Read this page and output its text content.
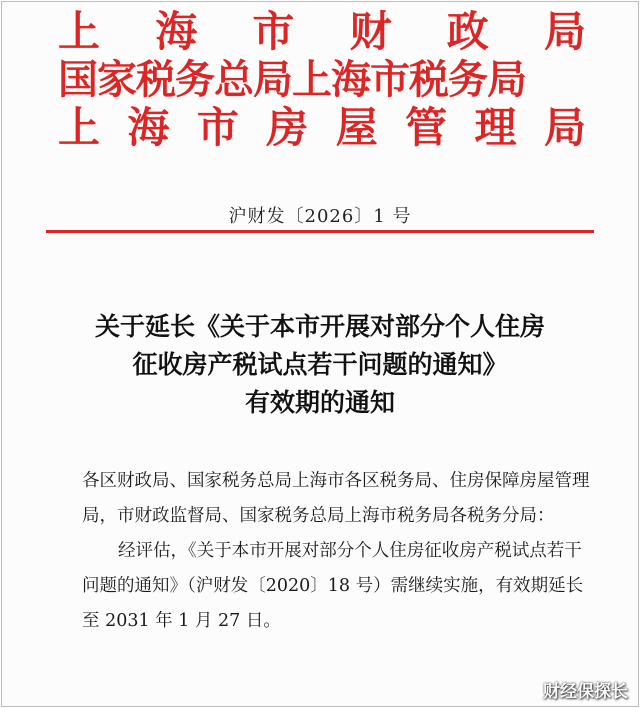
上 海 市 财 政 局
国家税务总局上海市税务局
上 海 市 房 屋 管 理 局
沪财发〔2026〕1 号
关于延长《关于本市开展对部分个人住房
征收房产税试点若干问题的通知》
有效期的通知

各区财政局、国家税务总局上海市各区税务局、住房保障房屋管理局，市财政监督局、国家税务总局上海市税务局各税务分局：

经评估，《关于本市开展对部分个人住房征收房产税试点若干问题的通知》（沪财发〔2020〕18 号）需继续实施，有效期延长至 2031 年 1 月 27 日。

财经保探长
